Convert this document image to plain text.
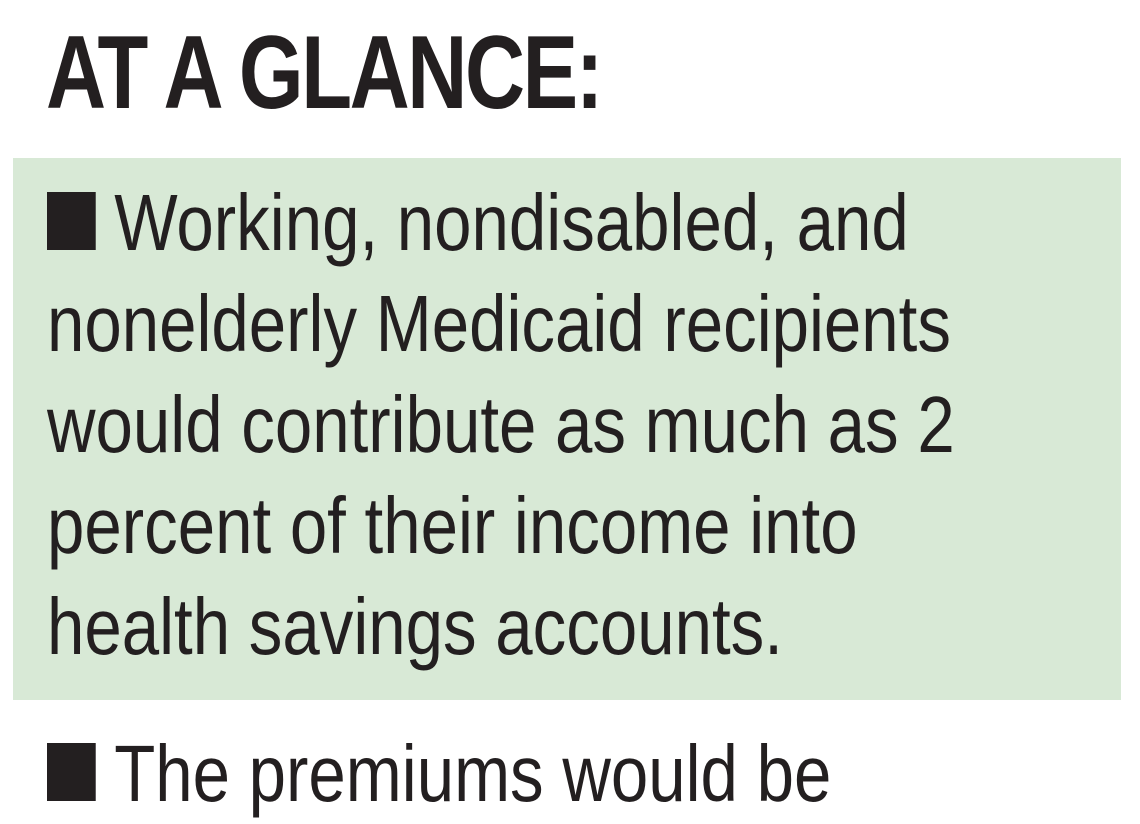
AT A GLANCE:
Working, nondisabled, and
nonelderly Medicaid recipients
would contribute as much as 2
percent of their income into
health savings accounts.
The premiums would be
